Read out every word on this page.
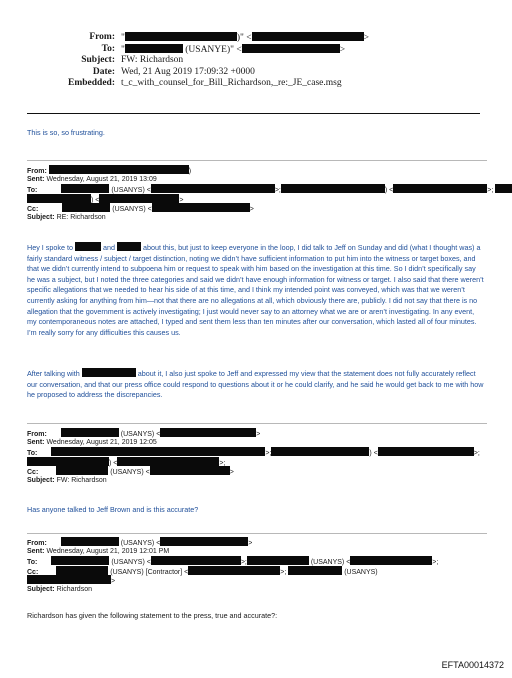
From: "	)" <	>
To: "	(USANYE)" <	>
Subject: FW: Richardson
Date: Wed, 21 Aug 2019 17:09:32 +0000
Embedded: t_c_with_counsel_for_Bill_Richardson,_re:_JE_case.msg
This is so, so frustrating.
From:	)
Sent: Wednesday, August 21, 2019 13:09
To:	(USANYS) <	>;	) <	>;
) <	>
Cc:	(USANYS) <	>
Subject: RE: Richardson
Hey I spoke to	and	about this, but just to keep everyone in the loop, I did talk to Jeff on Sunday and did (what I thought was) a fairly standard witness / subject / target distinction, noting we didn’t have sufficient information to put him into the witness or target boxes, and that we didn’t currently intend to subpoena him or request to speak with him based on the investigation at this time. So I didn’t specifically say he was a subject, but I noted the three categories and said we didn’t have enough information for witness or target. I also said that there weren’t specific allegations that we needed to hear his side of at this time, and I think my intended point was conveyed, which was that we weren’t currently asking for anything from him—not that there are no allegations at all, which obviously there are, publicly. I did not say that there is no allegation that the government is actively investigating; I just would never say to an attorney what we are or aren’t investigating. In any event, my contemporaneous notes are attached, I typed and sent them less than ten minutes after our conversation, which lasted all of four minutes. I’m really sorry for any difficulties this causes us.
After talking with	about it, I also just spoke to Jeff and expressed my view that the statement does not fully accurately reflect our conversation, and that our press office could respond to questions about it or he could clarify, and he said he would get back to me with how he proposed to address the discrepancies.
From:	(USANYS) <	>
Sent: Wednesday, August 21, 2019 12:05
To:	>;	) <	>;
) <	>;
Cc:	(USANYS) <	>
Subject: FW: Richardson
Has anyone talked to Jeff Brown and is this accurate?
From:	(USANYS) <	>
Sent: Wednesday, August 21, 2019 12:01 PM
To:	(USANYS) <	>;	(USANYS) <	>;
Cc:	(USANYS) [Contractor] <	>;	(USANYS)
>
Subject: Richardson
Richardson has given the following statement to the press, true and accurate?:
EFTA00014372
